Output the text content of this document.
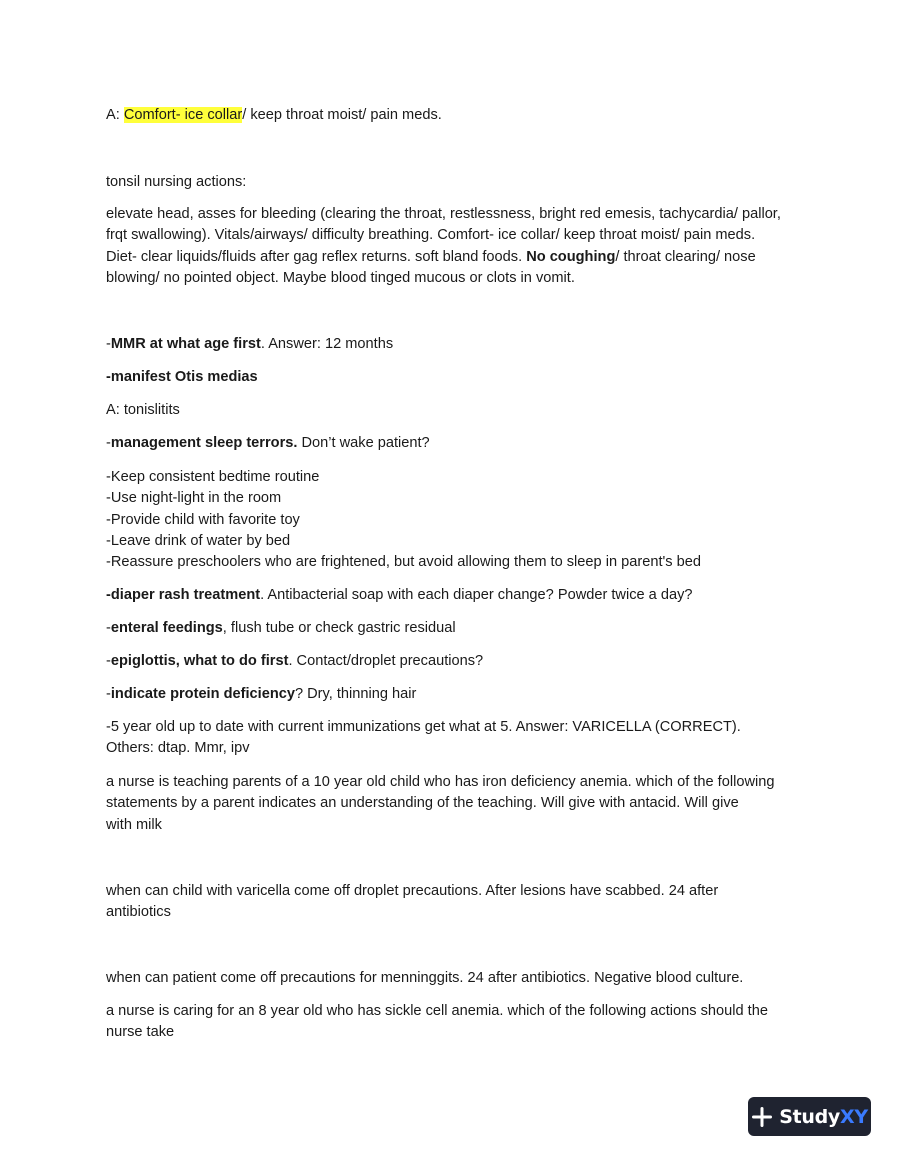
A: Comfort- ice collar/ keep throat moist/ pain meds.
tonsil nursing actions:
elevate head, asses for bleeding (clearing the throat, restlessness, bright red emesis, tachycardia/ pallor,
frqt swallowing). Vitals/airways/ difficulty breathing. Comfort- ice collar/ keep throat moist/ pain meds.
Diet- clear liquids/fluids after gag reflex returns. soft bland foods. No coughing/ throat clearing/ nose
blowing/ no pointed object. Maybe blood tinged mucous or clots in vomit.
-MMR at what age first. Answer: 12 months
-manifest Otis medias
A: tonislitits
-management sleep terrors. Don’t wake patient?
-Keep consistent bedtime routine
-Use night-light in the room
-Provide child with favorite toy
-Leave drink of water by bed
-Reassure preschoolers who are frightened, but avoid allowing them to sleep in parent's bed
-diaper rash treatment. Antibacterial soap with each diaper change? Powder twice a day?
-enteral feedings, flush tube or check gastric residual
-epiglottis, what to do first. Contact/droplet precautions?
-indicate protein deficiency? Dry, thinning hair
-5 year old up to date with current immunizations get what at 5. Answer: VARICELLA (CORRECT).
Others: dtap. Mmr, ipv
a nurse is teaching parents of a 10 year old child who has iron deficiency anemia. which of the following
statements by a parent indicates an understanding of the teaching. Will give with antacid. Will give
with milk
when can child with varicella come off droplet precautions. After lesions have scabbed. 24 after
antibiotics
when can patient come off precautions for menninggits. 24 after antibiotics. Negative blood culture.
a nurse is caring for an 8 year old who has sickle cell anemia. which of the following actions should the
nurse take
StudyXY
